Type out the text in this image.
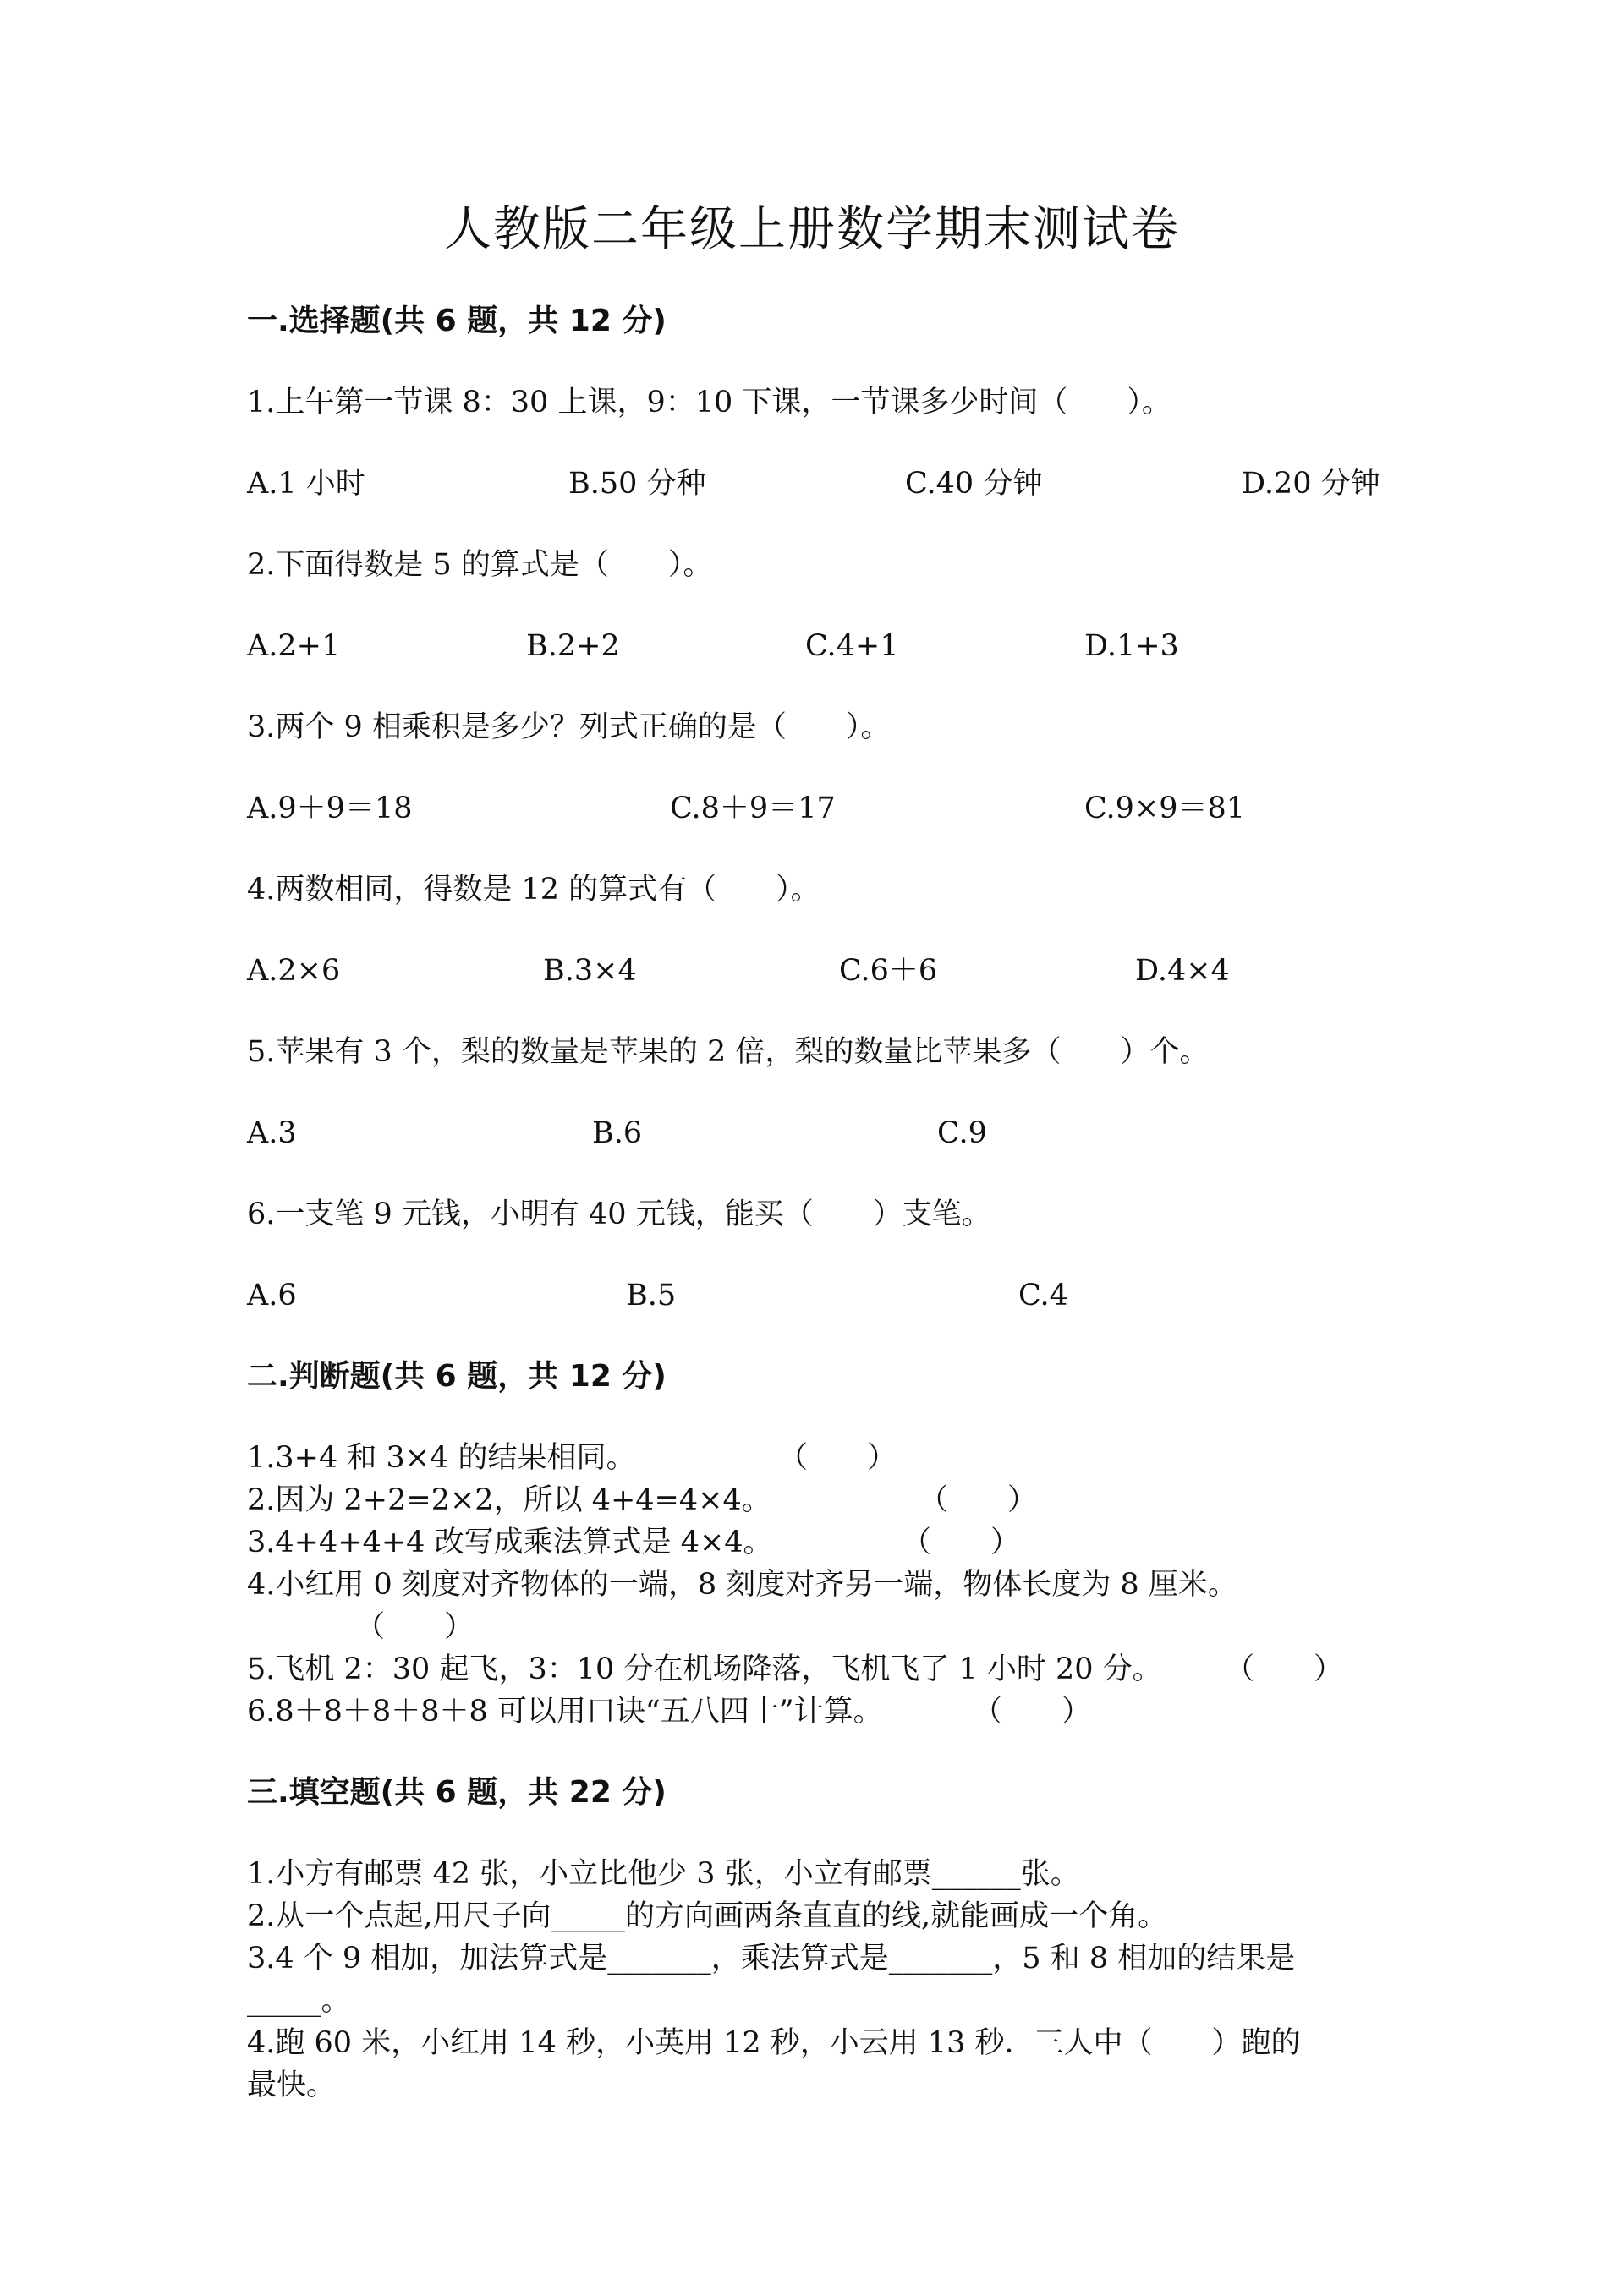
人教版二年级上册数学期末测试卷
一.选择题(共 6 题，共 12 分)
1.上午第一节课 8：30 上课，9：10 下课，一节课多少时间（　　）。
A.1 小时	B.50 分种	C.40 分钟	D.20 分钟
2.下面得数是 5 的算式是（　　）。
A.2+1	B.2+2	C.4+1	D.1+3
3.两个 9 相乘积是多少？列式正确的是（　　）。
A.9＋9＝18	C.8＋9＝17	C.9×9＝81
4.两数相同，得数是 12 的算式有（　　）。
A.2×6	B.3×4	C.6＋6	D.4×4
5.苹果有 3 个，梨的数量是苹果的 2 倍，梨的数量比苹果多（　　）个。
A.3	B.6	C.9
6.一支笔 9 元钱，小明有 40 元钱，能买（　　）支笔。
A.6	B.5	C.4
二.判断题(共 6 题，共 12 分)
1.3+4 和 3×4 的结果相同。	（　　）
2.因为 2+2=2×2，所以 4+4=4×4。	（　　）
3.4+4+4+4 改写成乘法算式是 4×4。	（　　）
4.小红用 0 刻度对齐物体的一端，8 刻度对齐另一端，物体长度为 8 厘米。
（　　）
5.飞机 2：30 起飞，3：10 分在机场降落，飞机飞了 1 小时 20 分。 （　　）
6.8＋8＋8＋8＋8 可以用口诀“五八四十”计算。	（　　）
三.填空题(共 6 题，共 22 分)
1.小方有邮票 42 张，小立比他少 3 张，小立有邮票______张。
2.从一个点起,用尺子向_____的方向画两条直直的线,就能画成一个角。
3.4 个 9 相加，加法算式是_______，乘法算式是_______，5 和 8 相加的结果是
_____。
4.跑 60 米，小红用 14 秒，小英用 12 秒，小云用 13 秒．三人中（　　）跑的
最快。
